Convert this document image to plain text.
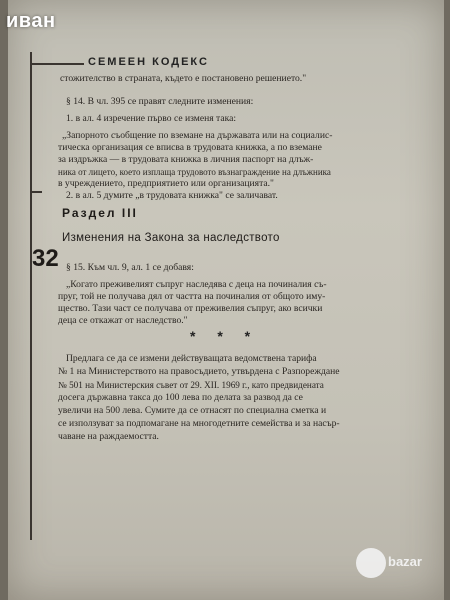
иван
СЕМЕЕН КОДЕКС
стожителство в страната, където е постановено решението."
§ 14. В чл. 395 се правят следните изменения:
1. в ал. 4 изречение първо се изменя така:
„Запорното съобщение по вземане на държавата или на социалис-
тическа организация се вписва в трудовата книжка, а по вземане
за издръжка — в трудовата книжка в личния паспорт на длъж-
ника от лицето, което изплаща трудовото възнаграждение на длъжника
в учреждението, предприятието или организацията."
2. в ал. 5 думите „в трудовата книжка" се заличават.
Раздел III
Изменения на Закона за наследството
32 § 15. Към чл. 9, ал. 1 се добавя:
„Когато преживелият съпруг наследява с деца на починалия съ-
пруг, той не получава дял от частта на починалия от общото иму-
щество. Тази част се получава от преживелия съпруг, ако всички
деца се откажат от наследство."
* * *
Предлага се да се измени действуващата ведомствена тарифа
№ 1 на Министерството на правосъдието, утвърдена с Разпореждане
№ 501 на Министерския съвет от 29. XII. 1969 г., като предвидената
досега държавна такса до 100 лева по делата за развод да се
увеличи на 500 лева. Сумите да се отнасят по специална сметка и
се използуват за подпомагане на многодетните семейства и за насър-
чаване на раждаемостта.
bazar
